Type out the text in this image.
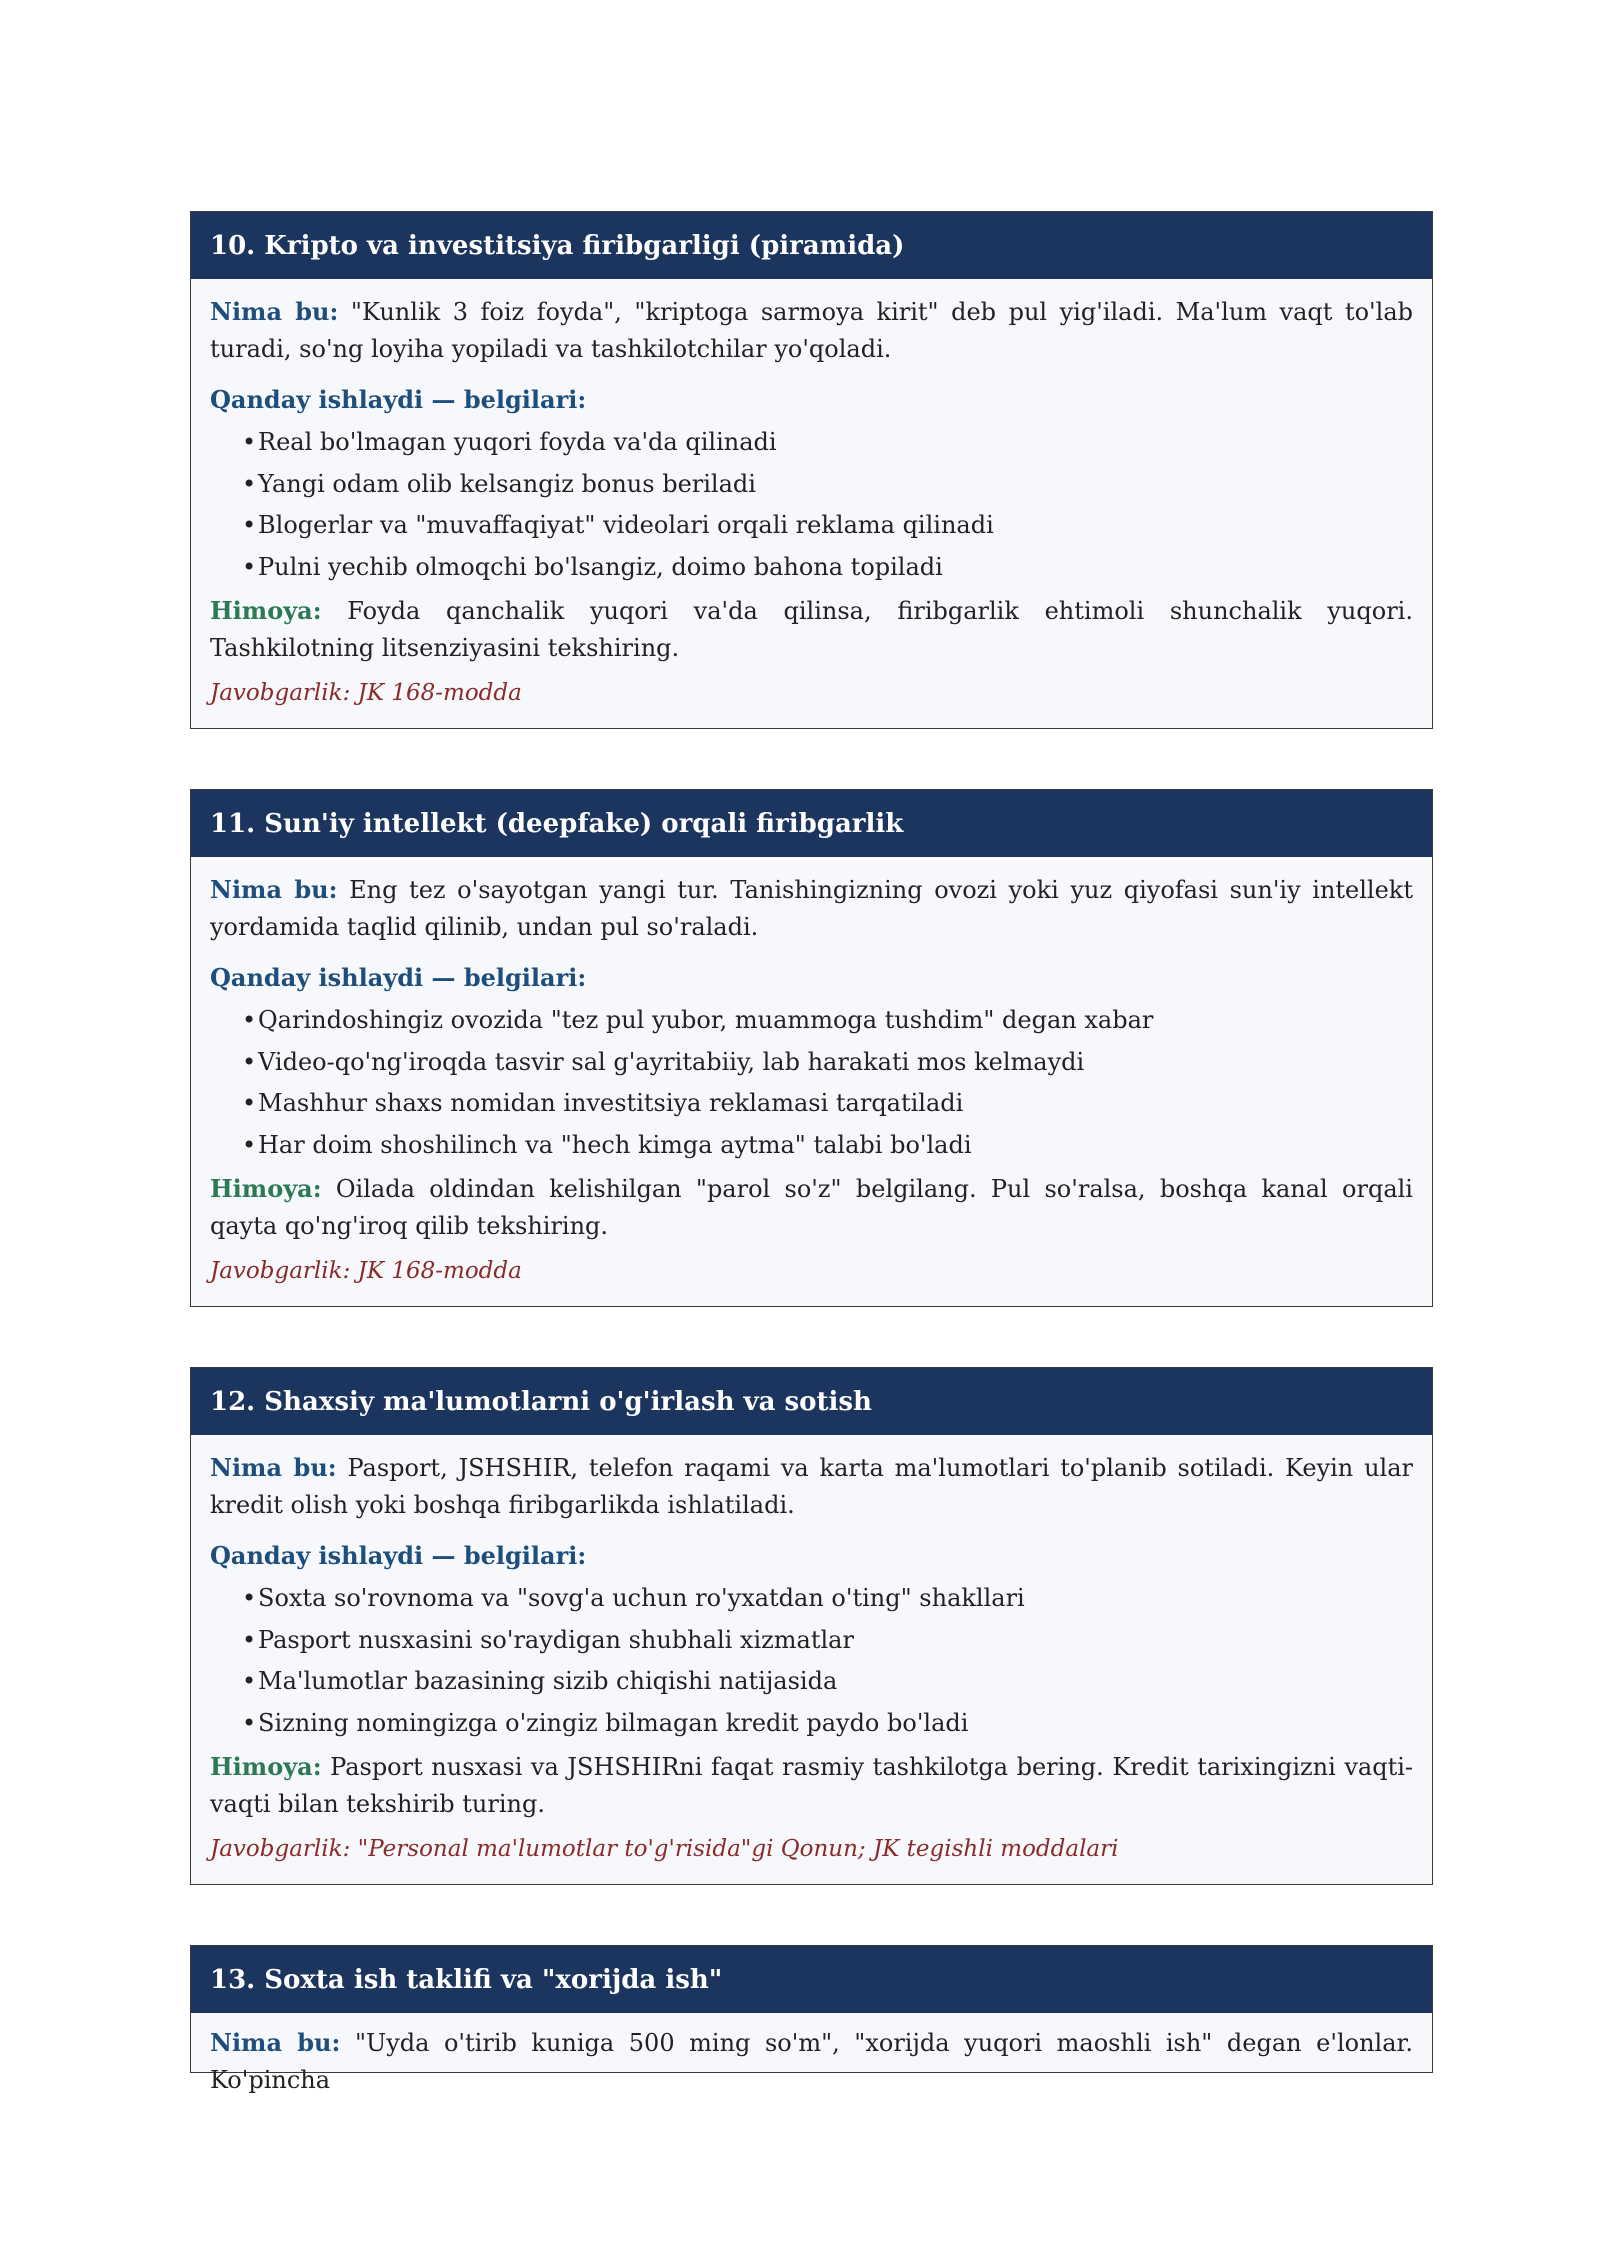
10. Kripto va investitsiya firibgarligi (piramida)

Nima bu: "Kunlik 3 foiz foyda", "kriptoga sarmoya kirit" deb pul yig'iladi. Ma'lum vaqt to'lab turadi, so'ng loyiha yopiladi va tashkilotchilar yo'qoladi.

Qanday ishlaydi — belgilari:
•Real bo'lmagan yuqori foyda va'da qilinadi
•Yangi odam olib kelsangiz bonus beriladi
•Blogerlar va "muvaffaqiyat" videolari orqali reklama qilinadi
•Pulni yechib olmoqchi bo'lsangiz, doimo bahona topiladi

Himoya: Foyda qanchalik yuqori va'da qilinsa, firibgarlik ehtimoli shunchalik yuqori. Tashkilotning litsenziyasini tekshiring.

Javobgarlik: JK 168-modda
11. Sun'iy intellekt (deepfake) orqali firibgarlik

Nima bu: Eng tez o'sayotgan yangi tur. Tanishingizning ovozi yoki yuz qiyofasi sun'iy intellekt yordamida taqlid qilinib, undan pul so'raladi.

Qanday ishlaydi — belgilari:
•Qarindoshingiz ovozida "tez pul yubor, muammoga tushdim" degan xabar
•Video-qo'ng'iroqda tasvir sal g'ayritabiiy, lab harakati mos kelmaydi
•Mashhur shaxs nomidan investitsiya reklamasi tarqatiladi
•Har doim shoshilinch va "hech kimga aytma" talabi bo'ladi

Himoya: Oilada oldindan kelishilgan "parol so'z" belgilang. Pul so'ralsa, boshqa kanal orqali qayta qo'ng'iroq qilib tekshiring.

Javobgarlik: JK 168-modda
12. Shaxsiy ma'lumotlarni o'g'irlash va sotish

Nima bu: Pasport, JSHSHIR, telefon raqami va karta ma'lumotlari to'planib sotiladi. Keyin ular kredit olish yoki boshqa firibgarlikda ishlatiladi.

Qanday ishlaydi — belgilari:
•Soxta so'rovnoma va "sovg'a uchun ro'yxatdan o'ting" shakllari
•Pasport nusxasini so'raydigan shubhali xizmatlar
•Ma'lumotlar bazasining sizib chiqishi natijasida
•Sizning nomingizga o'zingiz bilmagan kredit paydo bo'ladi

Himoya: Pasport nusxasi va JSHSHIRni faqat rasmiy tashkilotga bering. Kredit tarixingizni vaqti-vaqti bilan tekshirib turing.

Javobgarlik: "Personal ma'lumotlar to'g'risida"gi Qonun; JK tegishli moddalari
13. Soxta ish taklifi va "xorijda ish"

Nima bu: "Uyda o'tirib kuniga 500 ming so'm", "xorijda yuqori maoshli ish" degan e'lonlar. Ko'pincha
